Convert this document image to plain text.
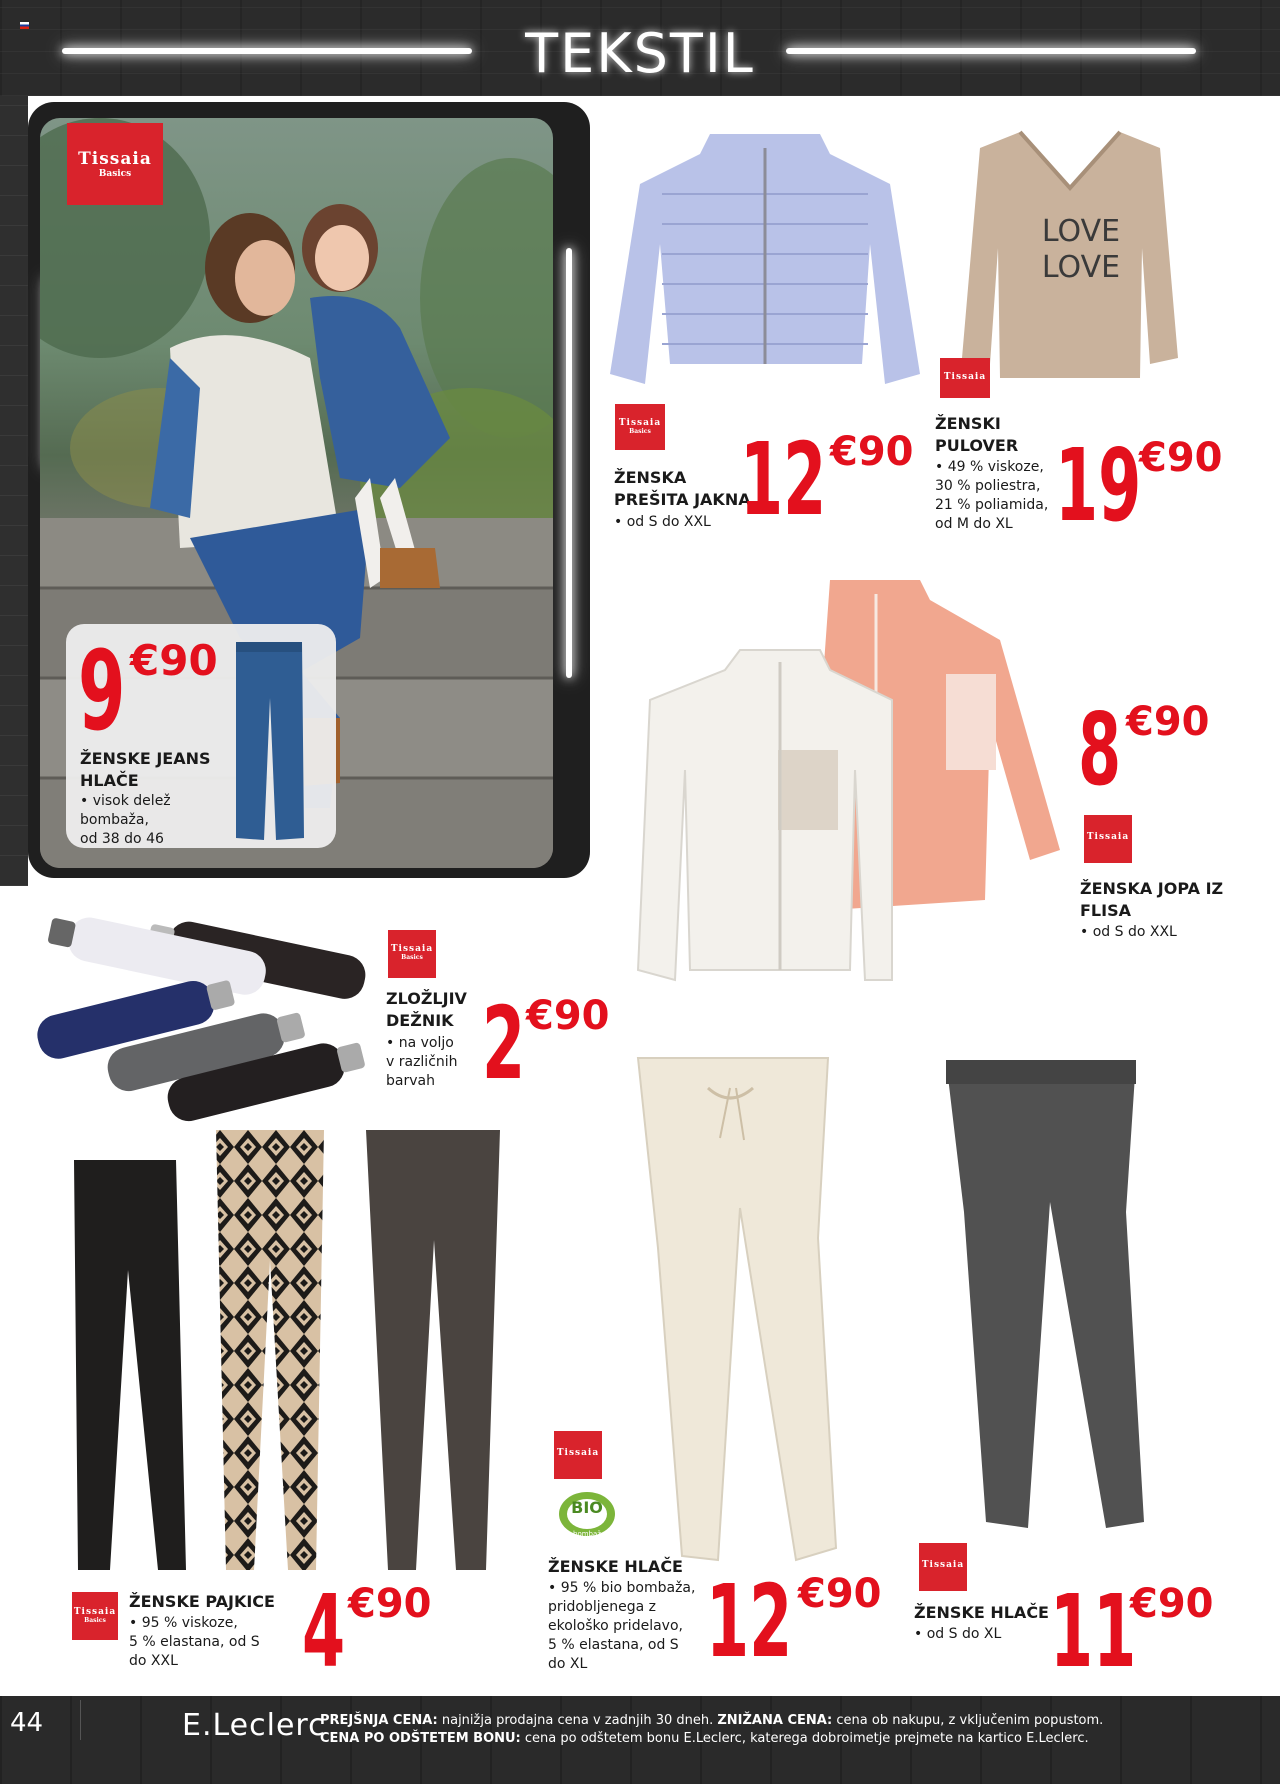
TEKSTIL
Tissaia
Basics
9 €90
ŽENSKE JEANS
HLAČE
• visok delež
bombaža,
od 38 do 46
Tissaia
Basics
ŽENSKA
PREŠITA JAKNA
• od S do XXL 12€90
LOVE
LOVE
Tissaia
ŽENSKI
PULOVER
• 49 % viskoze,
30 % poliestra,
21 % poliamida,
od M do XL 19€90
8 €90
Tissaia
ŽENSKA JOPA IZ
FLISA
• od S do XXL
Tissaia
Basics
ZLOŽLJIV
DEŽNIK
• na voljo
v različnih
barvah 2€90
Tissaia
Basics
ŽENSKE PAJKICE
• 95 % viskoze,
5 % elastana, od S
do XXL	4€90
Tissaia
BIO
bombaž
ŽENSKE HLAČE
• 95 % bio bombaža,
pridobljenega z
ekološko pridelavo,
5 % elastana, od S
do XL	12 €90
Tissaia
ŽENSKE HLAČE
• od S do XL 11€90
44	E.Leclerc
PREJŠNJA CENA: najnižja prodajna cena v zadnjih 30 dneh. ZNIŽANA CENA: cena ob nakupu, z vključenim popustom.
CENA PO ODŠTETEM BONU: cena po odštetem bonu E.Leclerc, katerega dobroimetje prejmete na kartico E.Leclerc.
